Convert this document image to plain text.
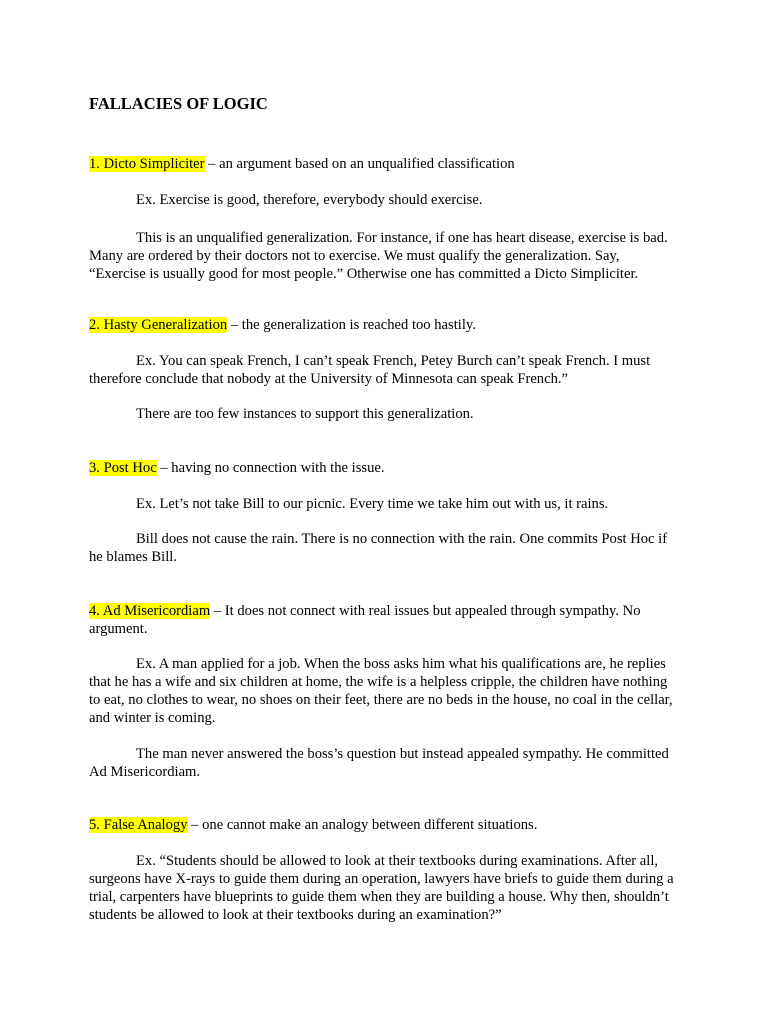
FALLACIES OF LOGIC
1. Dicto Simpliciter – an argument based on an unqualified classification

Ex. Exercise is good, therefore, everybody should exercise.

This is an unqualified generalization. For instance, if one has heart disease, exercise is bad. Many are ordered by their doctors not to exercise. We must qualify the generalization. Say, “Exercise is usually good for most people.” Otherwise one has committed a Dicto Simpliciter.

2. Hasty Generalization – the generalization is reached too hastily.

Ex. You can speak French, I can’t speak French, Petey Burch can’t speak French. I must therefore conclude that nobody at the University of Minnesota can speak French.”

There are too few instances to support this generalization.

3. Post Hoc – having no connection with the issue.

Ex. Let’s not take Bill to our picnic. Every time we take him out with us, it rains.

Bill does not cause the rain. There is no connection with the rain. One commits Post Hoc if he blames Bill.

4. Ad Misericordiam – It does not connect with real issues but appealed through sympathy. No argument.

Ex. A man applied for a job. When the boss asks him what his qualifications are, he replies that he has a wife and six children at home, the wife is a helpless cripple, the children have nothing to eat, no clothes to wear, no shoes on their feet, there are no beds in the house, no coal in the cellar, and winter is coming.

The man never answered the boss’s question but instead appealed sympathy. He committed Ad Misericordiam.

5. False Analogy – one cannot make an analogy between different situations.

Ex. “Students should be allowed to look at their textbooks during examinations. After all, surgeons have X-rays to guide them during an operation, lawyers have briefs to guide them during a trial, carpenters have blueprints to guide them when they are building a house. Why then, shouldn’t students be allowed to look at their textbooks during an examination?”
